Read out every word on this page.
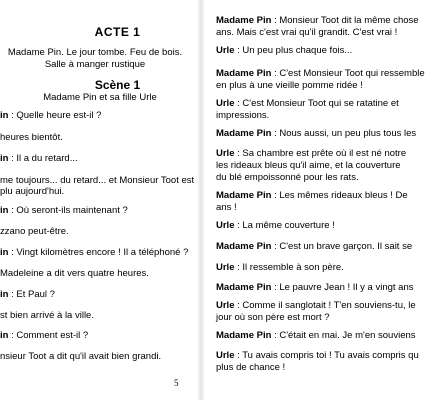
ACTE 1
Madame Pin. Le jour tombe. Feu de bois.
Salle à manger rustique
Scène 1
Madame Pin et sa fille Urle
in : Quelle heure est-il ?
heures bientôt.
in : Il a du retard...
me toujours... du retard... et Monsieur Toot est
plu aujourd'hui.
in : Où seront-ils maintenant ?
zzano peut-être.
in : Vingt kilomètres encore ! Il a téléphoné ?
Madeleine a dit vers quatre heures.
in : Et Paul ?
st bien arrivé à la ville.
in : Comment est-il ?
nsieur Toot a dit qu'il avait bien grandi.
5
Madame Pin : Monsieur Toot dit la même chose
ans. Mais c'est vrai qu'il grandit. C'est vrai !
Urle : Un peu plus chaque fois...
Madame Pin : C'est Monsieur Toot qui ressemble
en plus à une vieille pomme ridée !
Urle : C'est Monsieur Toot qui se ratatine et
impressions.
Madame Pin : Nous aussi, un peu plus tous les
Urle : Sa chambre est prête où il est né notre
les rideaux bleus qu'il aime, et la couverture
du blé empoissonné pour les rats.
Madame Pin : Les mêmes rideaux bleus ! De
ans !
Urle : La même couverture !
Madame Pin : C'est un brave garçon. Il sait se
Urle : Il ressemble à son père.
Madame Pin : Le pauvre Jean ! Il y a vingt ans
Urle : Comme il sanglotait ! T'en souviens-tu, le
jour où son père est mort ?
Madame Pin : C'était en mai. Je m'en souviens
Urle : Tu avais compris toi ! Tu avais compris qu
plus de chance !
